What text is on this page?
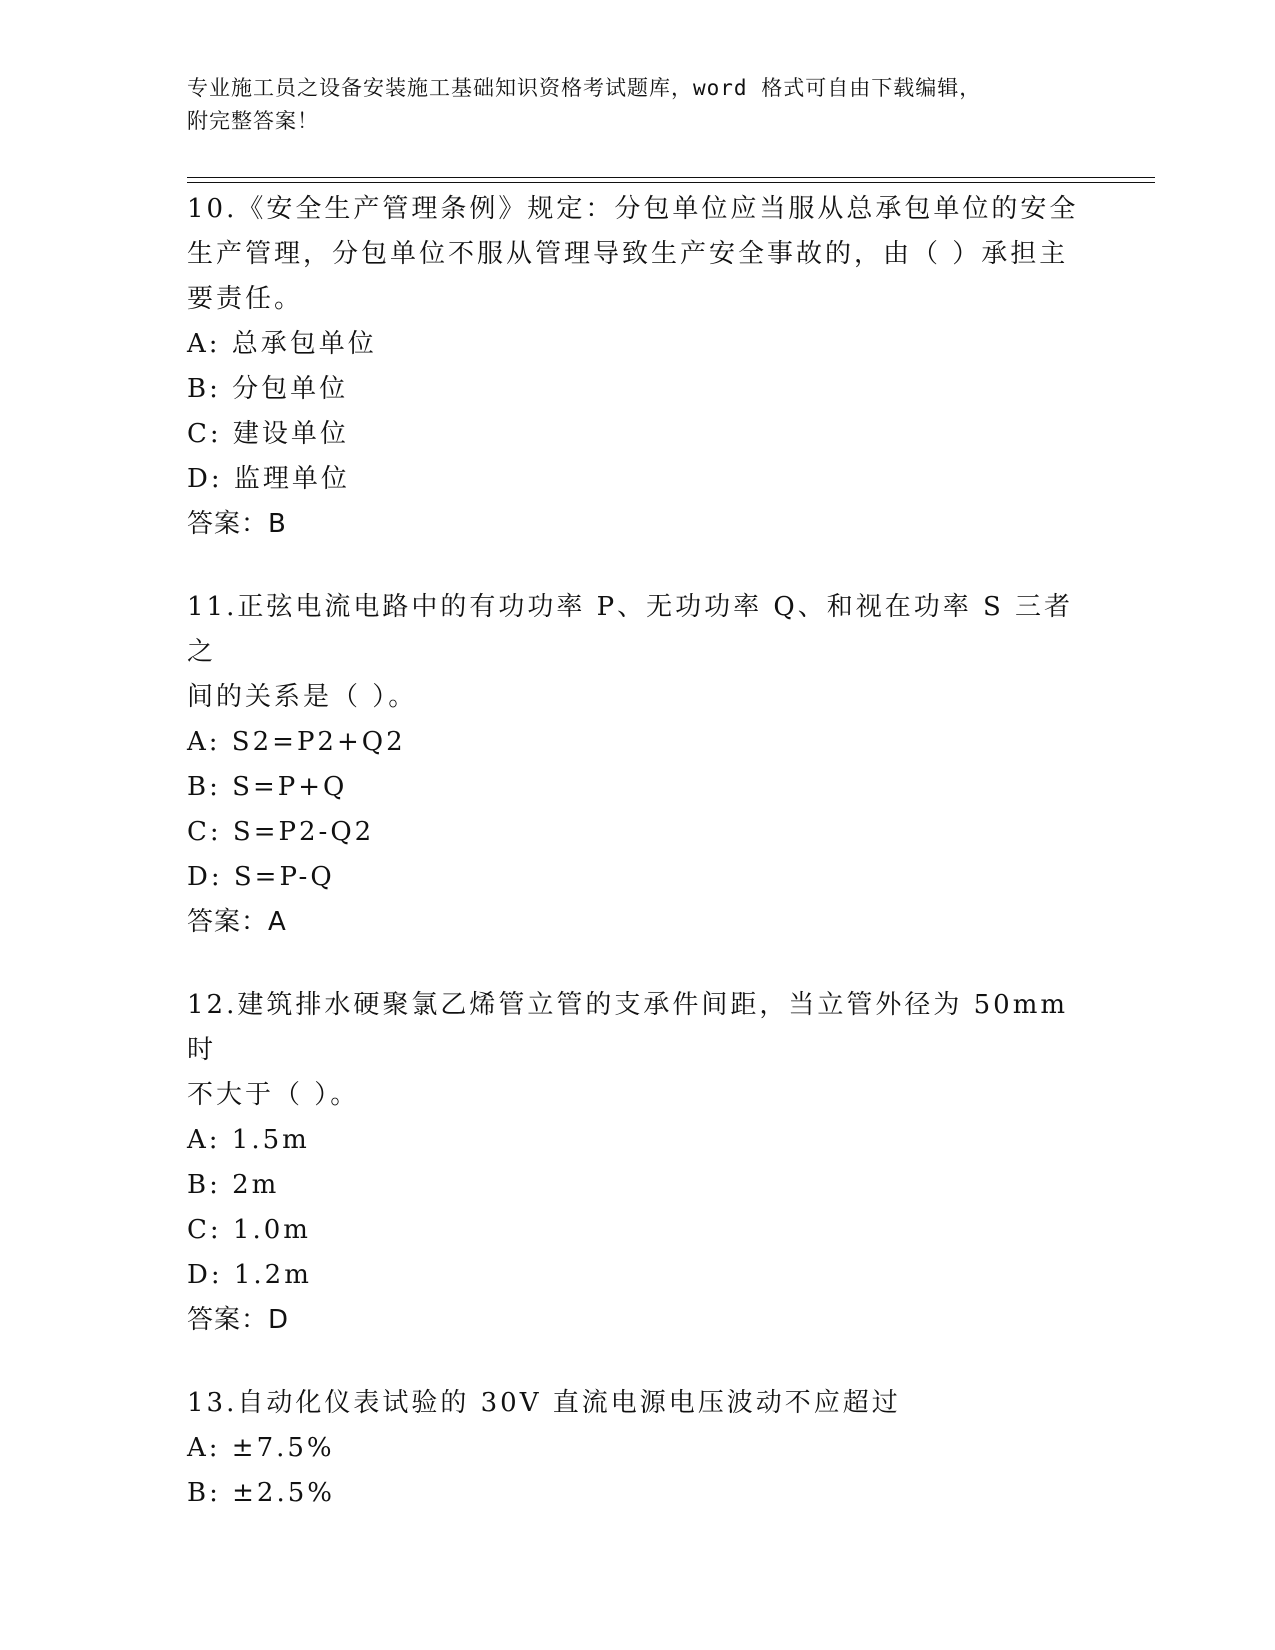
专业施工员之设备安装施工基础知识资格考试题库，word 格式可自由下载编辑，
附完整答案！
10.《安全生产管理条例》规定：分包单位应当服从总承包单位的安全
生产管理，分包单位不服从管理导致生产安全事故的，由（ ）承担主
要责任。
A: 总承包单位
B: 分包单位
C: 建设单位
D: 监理单位
答案：B
11.正弦电流电路中的有功功率 P、无功功率 Q、和视在功率 S 三者之
间的关系是（ ）。
A: S2=P2+Q2
B: S=P+Q
C: S=P2-Q2
D: S=P-Q
答案：A
12.建筑排水硬聚氯乙烯管立管的支承件间距，当立管外径为 50mm 时
不大于（ ）。
A: 1.5m
B: 2m
C: 1.0m
D: 1.2m
答案：D
13.自动化仪表试验的 30V 直流电源电压波动不应超过
A: ±7.5%
B: ±2.5%
